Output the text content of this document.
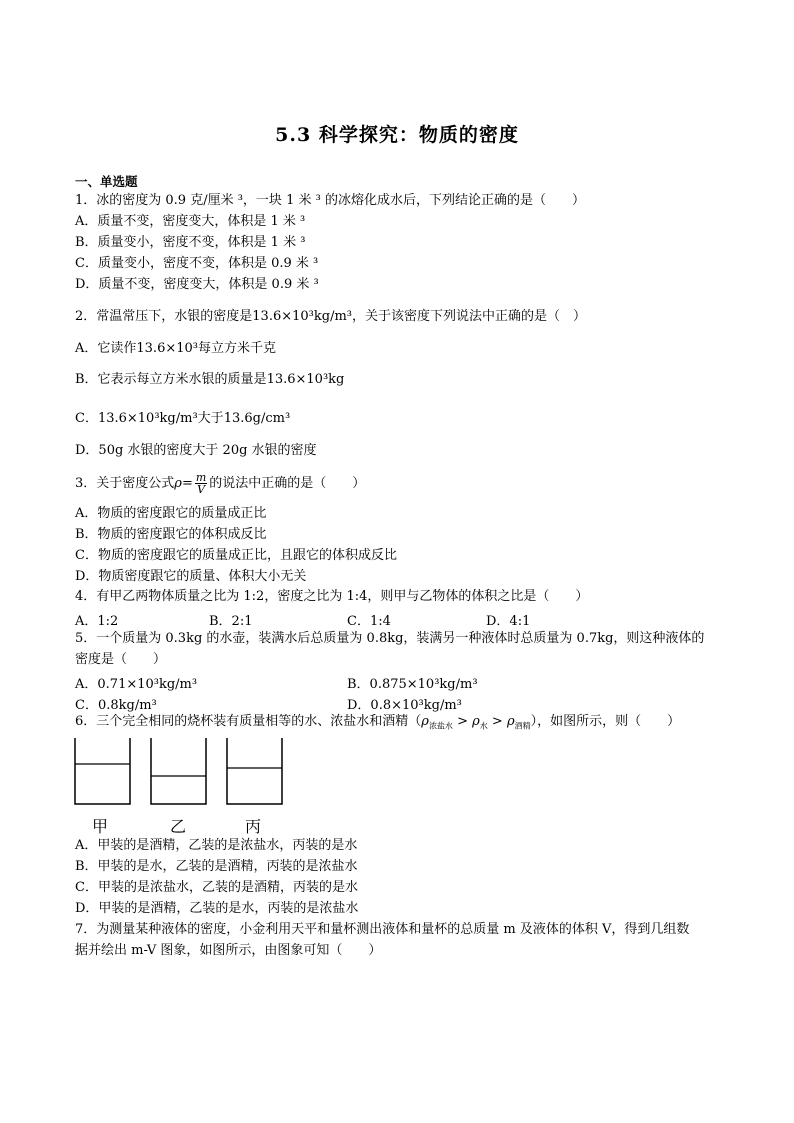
5.3 科学探究：物质的密度
一、单选题
1．冰的密度为 0.9 克/厘米 ³，一块 1 米 ³ 的冰熔化成水后，下列结论正确的是（　　）
A．质量不变，密度变大，体积是 1 米 ³
B．质量变小，密度不变，体积是 1 米 ³
C．质量变小，密度不变，体积是 0.9 米 ³
D．质量不变，密度变大，体积是 0.9 米 ³
2．常温常压下，水银的密度是13.6×10³kg/m³，关于该密度下列说法中正确的是（　）
A．它读作13.6×10³每立方米千克
B．它表示每立方米水银的质量是13.6×10³kg
C．13.6×10³kg/m³大于13.6g/cm³
D．50g 水银的密度大于 20g 水银的密度
3．关于密度公式$\rho= \frac{m}{V}$ 的说法中正确的是（　　）
A．物质的密度跟它的质量成正比
B．物质的密度跟它的体积成反比
C．物质的密度跟它的质量成正比，且跟它的体积成反比
D．物质密度跟它的质量、体积大小无关
4．有甲乙两物体质量之比为 1:2，密度之比为 1:4，则甲与乙物体的体积之比是（　　）
A．1:2	B．2:1	C．1:4	D．4:1
5．一个质量为 0.3kg 的水壶，装满水后总质量为 0.8kg，装满另一种液体时总质量为 0.7kg，则这种液体的
密度是（　　）
A．0.71×10³kg/m³	B．0.875×10³kg/m³
C．0.8kg/m³	D．0.8×10³kg/m³
6．三个完全相同的烧杯装有质量相等的水、浓盐水和酒精$(\rho_{浓盐水} > \rho_水 > \rho_{酒精})$，如图所示，则（　　）
甲	乙	丙
A．甲装的是酒精，乙装的是浓盐水，丙装的是水
B．甲装的是水，乙装的是酒精，丙装的是浓盐水
C．甲装的是浓盐水，乙装的是酒精，丙装的是水
D．甲装的是酒精，乙装的是水，丙装的是浓盐水
7．为测量某种液体的密度，小金利用天平和量杯测出液体和量杯的总质量 m 及液体的体积 V，得到几组数
据并绘出 m-V 图象，如图所示，由图象可知（　　）
